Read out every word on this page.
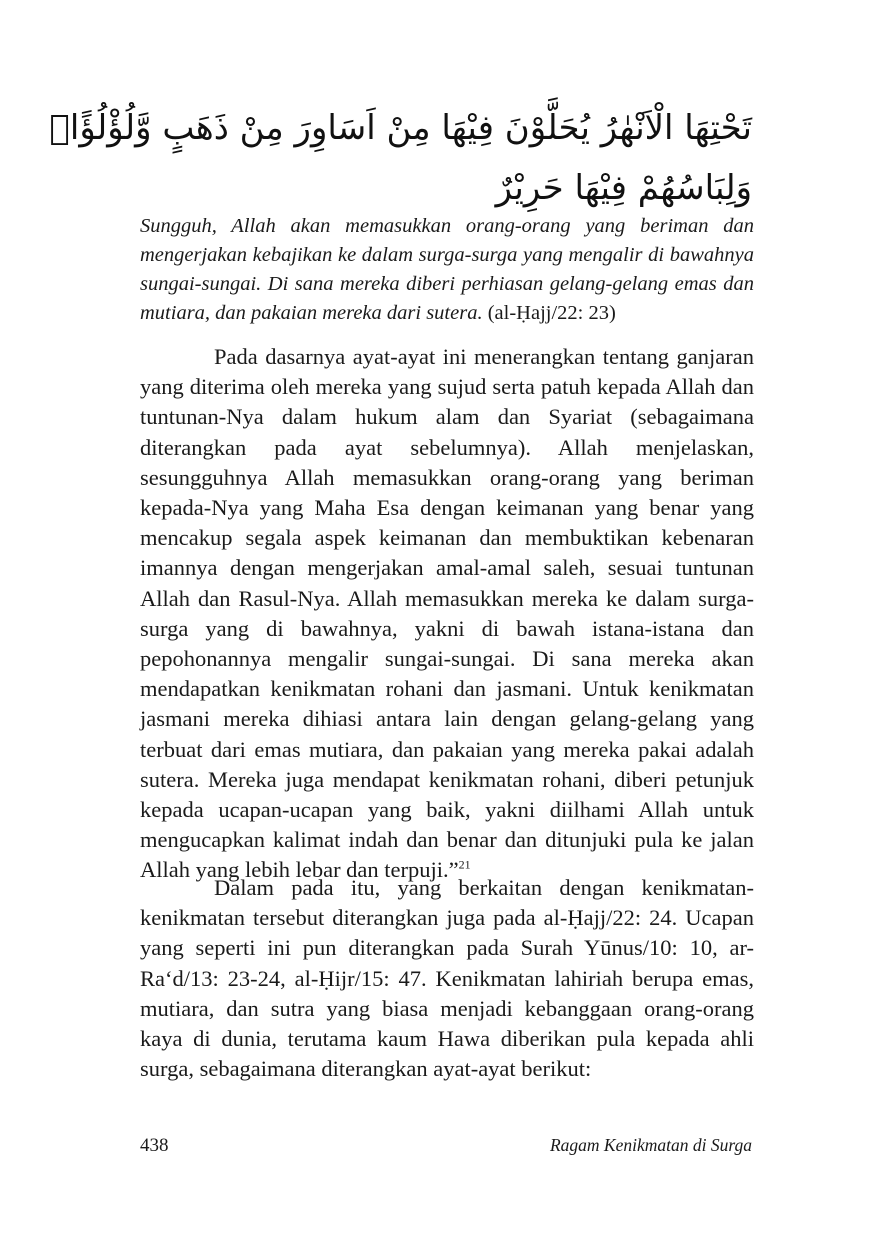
تَحْتِهَا الْاَنْهٰرُ يُحَلَّوْنَ فِيْهَا مِنْ اَسَاوِرَ مِنْ ذَهَبٍ وَّلُؤْلُؤًاۗ
وَلِبَاسُهُمْ فِيْهَا حَرِيْرٌ

Sungguh, Allah akan memasukkan orang-orang yang beriman dan mengerjakan kebajikan ke dalam surga-surga yang mengalir di bawahnya sungai-sungai. Di sana mereka diberi perhiasan gelang-gelang emas dan mutiara, dan pakaian mereka dari sutera. (al-Ḥajj/22: 23)

Pada dasarnya ayat-ayat ini menerangkan tentang ganjaran yang diterima oleh mereka yang sujud serta patuh kepada Allah dan tuntunan-Nya dalam hukum alam dan Syariat (sebagaimana diterangkan pada ayat sebelumnya). Allah menjelaskan, sesungguhnya Allah memasukkan orang-orang yang beriman kepada-Nya yang Maha Esa dengan keimanan yang benar yang mencakup segala aspek keimanan dan membuktikan kebenaran imannya dengan mengerjakan amal-amal saleh, sesuai tuntunan Allah dan Rasul-Nya. Allah memasukkan mereka ke dalam surga-surga yang di bawahnya, yakni di bawah istana-istana dan pepohonannya mengalir sungai-sungai. Di sana mereka akan mendapatkan kenikmatan rohani dan jasmani. Untuk kenikmatan jasmani mereka dihiasi antara lain dengan gelang-gelang yang terbuat dari emas mutiara, dan pakaian yang mereka pakai adalah sutera. Mereka juga mendapat kenikmatan rohani, diberi petunjuk kepada ucapan-ucapan yang baik, yakni diilhami Allah untuk mengucapkan kalimat indah dan benar dan ditunjuki pula ke jalan Allah yang lebih lebar dan terpuji.”$^{21}$

Dalam pada itu, yang berkaitan dengan kenikmatan-kenikmatan tersebut diterangkan juga pada al-Ḥajj/22: 24. Ucapan yang seperti ini pun diterangkan pada Surah Yūnus/10: 10, ar-Ra‘d/13: 23-24, al-Ḥijr/15: 47. Kenikmatan lahiriah berupa emas, mutiara, dan sutra yang biasa menjadi kebanggaan orang-orang kaya di dunia, terutama kaum Hawa diberikan pula kepada ahli surga, sebagaimana diterangkan ayat-ayat berikut:

438	Ragam Kenikmatan di Surga
